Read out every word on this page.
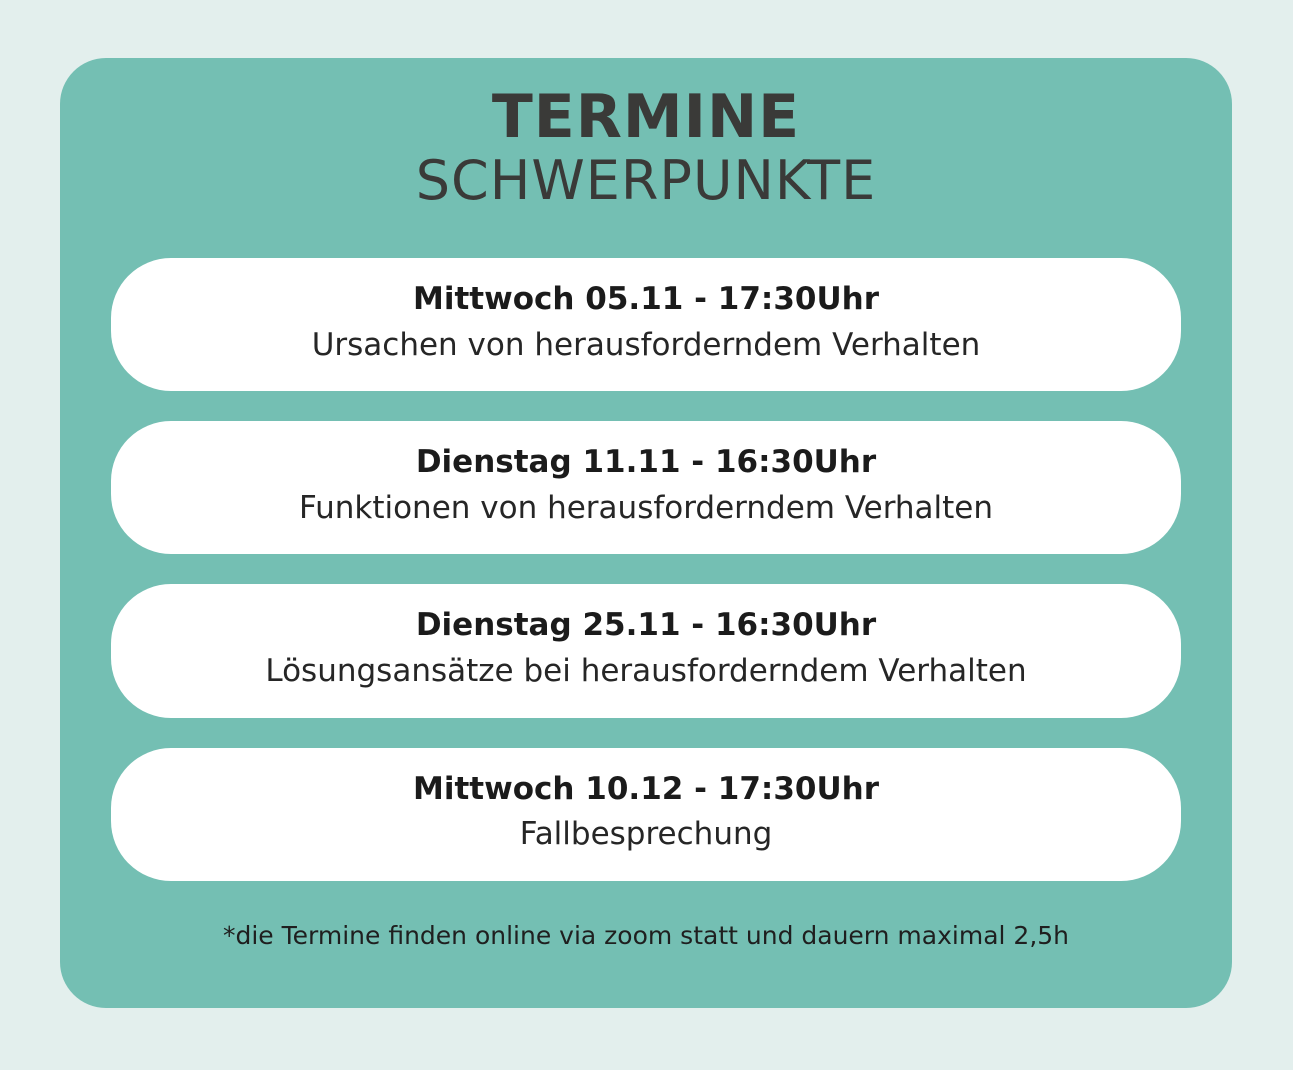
TERMINE
SCHWERPUNKTE
Mittwoch 05.11 - 17:30Uhr
Ursachen von herausforderndem Verhalten
Dienstag 11.11 - 16:30Uhr
Funktionen von herausforderndem Verhalten
Dienstag 25.11 - 16:30Uhr
Lösungsansätze bei herausforderndem Verhalten
Mittwoch 10.12 - 17:30Uhr
Fallbesprechung
*die Termine finden online via zoom statt und dauern maximal 2,5h
